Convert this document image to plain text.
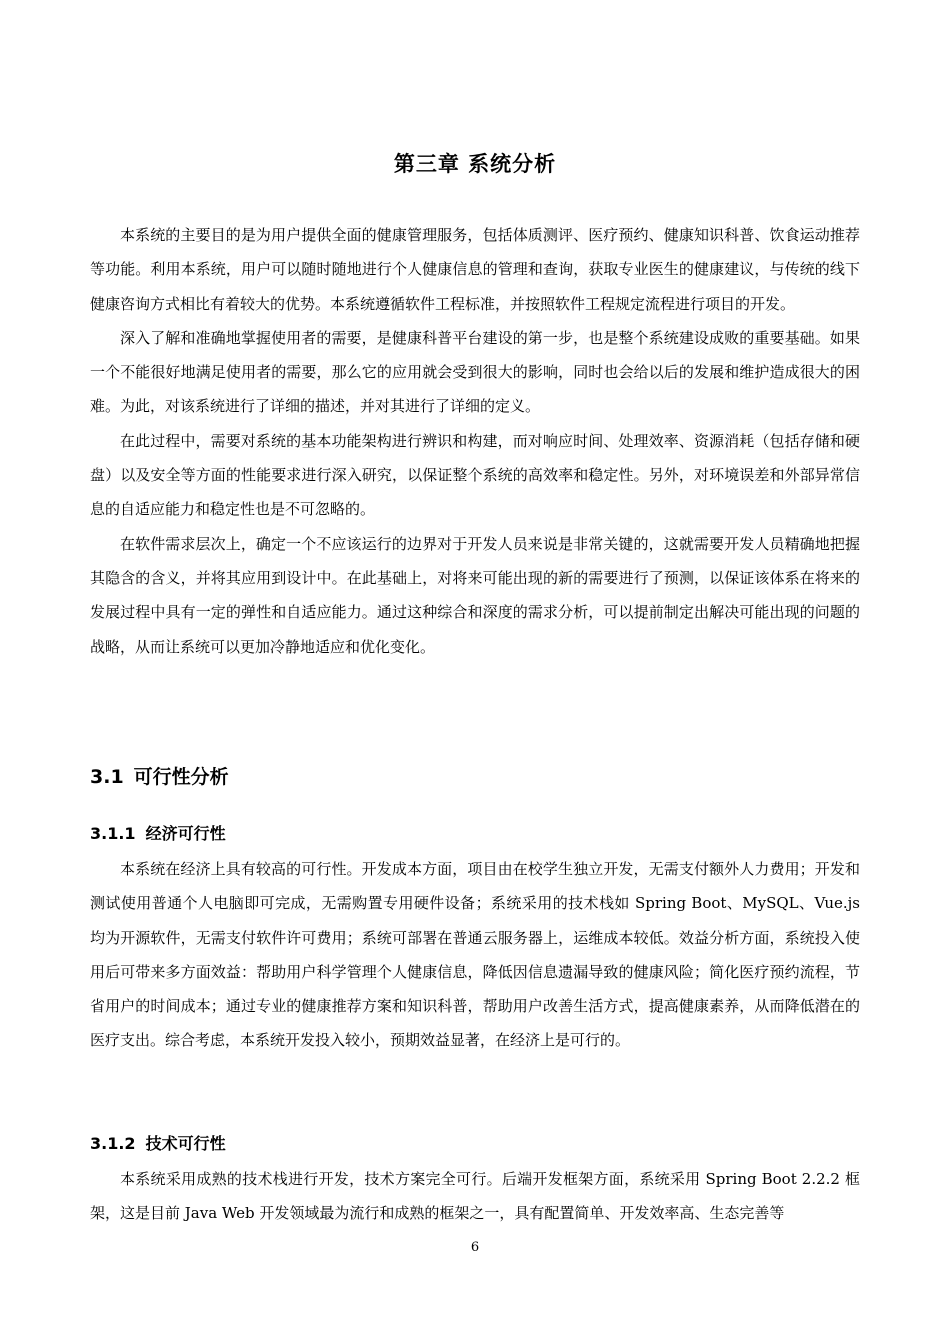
第三章 系统分析

本系统的主要目的是为用户提供全面的健康管理服务，包括体质测评、医疗预约、健康知识科普、饮食运动推荐等功能。利用本系统，用户可以随时随地进行个人健康信息的管理和查询，获取专业医生的健康建议，与传统的线下健康咨询方式相比有着较大的优势。本系统遵循软件工程标准，并按照软件工程规定流程进行项目的开发。

深入了解和准确地掌握使用者的需要，是健康科普平台建设的第一步，也是整个系统建设成败的重要基础。如果一个不能很好地满足使用者的需要，那么它的应用就会受到很大的影响，同时也会给以后的发展和维护造成很大的困难。为此，对该系统进行了详细的描述，并对其进行了详细的定义。

在此过程中，需要对系统的基本功能架构进行辨识和构建，而对响应时间、处理效率、资源消耗（包括存储和硬盘）以及安全等方面的性能要求进行深入研究，以保证整个系统的高效率和稳定性。另外，对环境误差和外部异常信息的自适应能力和稳定性也是不可忽略的。

在软件需求层次上，确定一个不应该运行的边界对于开发人员来说是非常关键的，这就需要开发人员精确地把握其隐含的含义，并将其应用到设计中。在此基础上，对将来可能出现的新的需要进行了预测，以保证该体系在将来的发展过程中具有一定的弹性和自适应能力。通过这种综合和深度的需求分析，可以提前制定出解决可能出现的问题的战略，从而让系统可以更加冷静地适应和优化变化。

3.1 可行性分析
3.1.1 经济可行性

本系统在经济上具有较高的可行性。开发成本方面，项目由在校学生独立开发，无需支付额外人力费用；开发和测试使用普通个人电脑即可完成，无需购置专用硬件设备；系统采用的技术栈如 Spring Boot、MySQL、Vue.js 均为开源软件，无需支付软件许可费用；系统可部署在普通云服务器上，运维成本较低。效益分析方面，系统投入使用后可带来多方面效益：帮助用户科学管理个人健康信息，降低因信息遗漏导致的健康风险；简化医疗预约流程，节省用户的时间成本；通过专业的健康推荐方案和知识科普，帮助用户改善生活方式，提高健康素养，从而降低潜在的医疗支出。综合考虑，本系统开发投入较小，预期效益显著，在经济上是可行的。

3.1.2 技术可行性

本系统采用成熟的技术栈进行开发，技术方案完全可行。后端开发框架方面，系统采用 Spring Boot 2.2.2 框架，这是目前 Java Web 开发领域最为流行和成熟的框架之一，具有配置简单、开发效率高、生态完善等

6
